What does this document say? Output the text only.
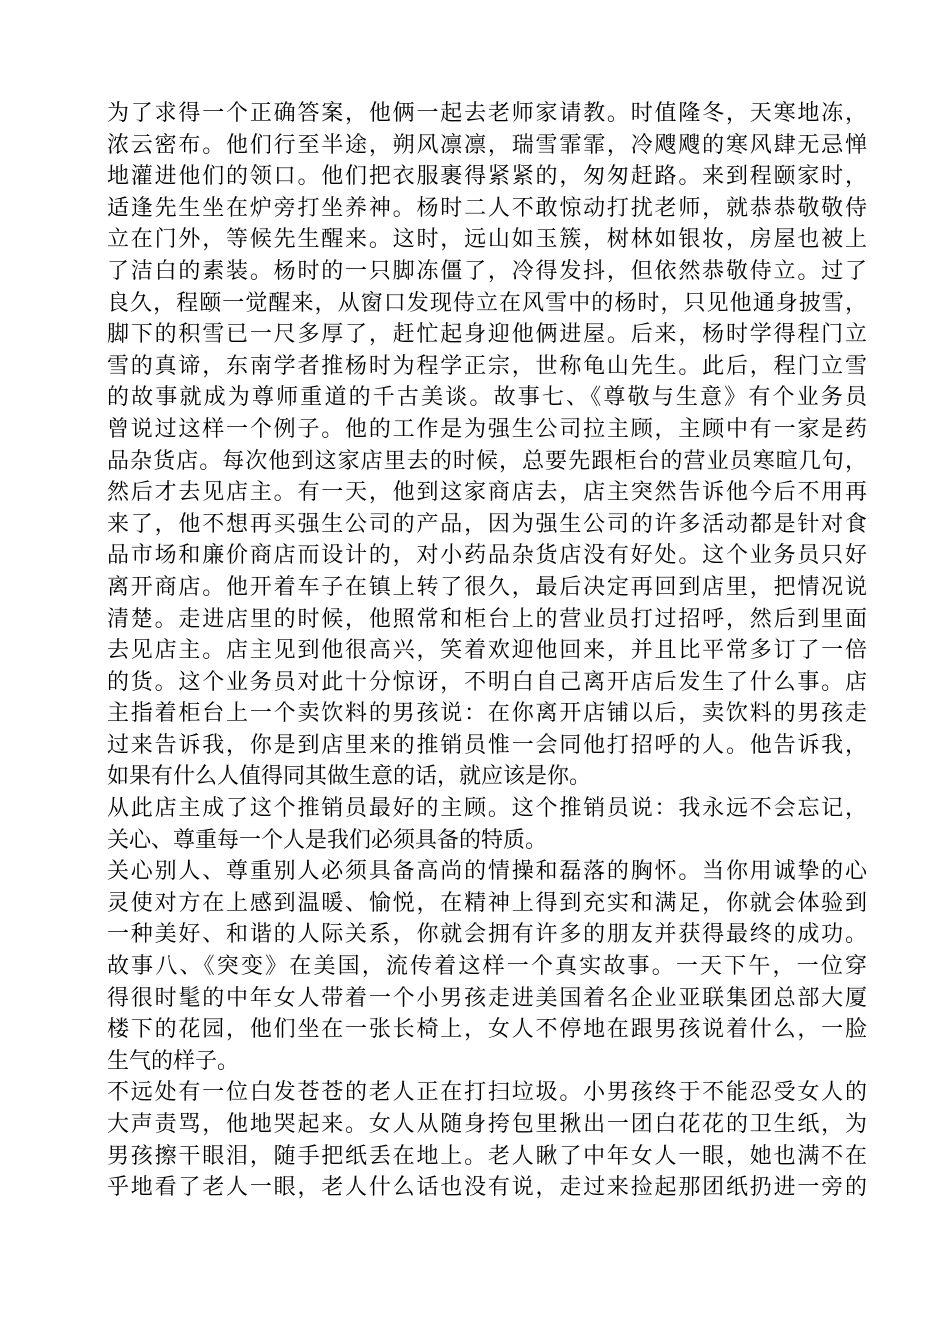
为了求得一个正确答案，他俩一起去老师家请教。时值隆冬，天寒地冻，
浓云密布。他们行至半途，朔风凛凛，瑞雪霏霏，冷飕飕的寒风肆无忌惮
地灌进他们的领口。他们把衣服裹得紧紧的，匆匆赶路。来到程颐家时，
适逢先生坐在炉旁打坐养神。杨时二人不敢惊动打扰老师，就恭恭敬敬侍
立在门外，等候先生醒来。这时，远山如玉簇，树林如银妆，房屋也被上
了洁白的素装。杨时的一只脚冻僵了，冷得发抖，但依然恭敬侍立。过了
良久，程颐一觉醒来，从窗口发现侍立在风雪中的杨时，只见他通身披雪，
脚下的积雪已一尺多厚了，赶忙起身迎他俩进屋。后来，杨时学得程门立
雪的真谛，东南学者推杨时为程学正宗，世称龟山先生。此后，程门立雪
的故事就成为尊师重道的千古美谈。故事七、《尊敬与生意》有个业务员
曾说过这样一个例子。他的工作是为强生公司拉主顾，主顾中有一家是药
品杂货店。每次他到这家店里去的时候，总要先跟柜台的营业员寒暄几句，
然后才去见店主。有一天，他到这家商店去，店主突然告诉他今后不用再
来了，他不想再买强生公司的产品，因为强生公司的许多活动都是针对食
品市场和廉价商店而设计的，对小药品杂货店没有好处。这个业务员只好
离开商店。他开着车子在镇上转了很久，最后决定再回到店里，把情况说
清楚。走进店里的时候，他照常和柜台上的营业员打过招呼，然后到里面
去见店主。店主见到他很高兴，笑着欢迎他回来，并且比平常多订了一倍
的货。这个业务员对此十分惊讶，不明白自己离开店后发生了什么事。店
主指着柜台上一个卖饮料的男孩说：在你离开店铺以后，卖饮料的男孩走
过来告诉我，你是到店里来的推销员惟一会同他打招呼的人。他告诉我，
如果有什么人值得同其做生意的话，就应该是你。
从此店主成了这个推销员最好的主顾。这个推销员说：我永远不会忘记，
关心、尊重每一个人是我们必须具备的特质。
关心别人、尊重别人必须具备高尚的情操和磊落的胸怀。当你用诚挚的心
灵使对方在上感到温暖、愉悦，在精神上得到充实和满足，你就会体验到
一种美好、和谐的人际关系，你就会拥有许多的朋友并获得最终的成功。
故事八、《突变》在美国，流传着这样一个真实故事。一天下午，一位穿
得很时髦的中年女人带着一个小男孩走进美国着名企业亚联集团总部大厦
楼下的花园，他们坐在一张长椅上，女人不停地在跟男孩说着什么，一脸
生气的样子。
不远处有一位白发苍苍的老人正在打扫垃圾。小男孩终于不能忍受女人的
大声责骂，他地哭起来。女人从随身挎包里揪出一团白花花的卫生纸，为
男孩擦干眼泪，随手把纸丢在地上。老人瞅了中年女人一眼，她也满不在
乎地看了老人一眼，老人什么话也没有说，走过来捡起那团纸扔进一旁的
